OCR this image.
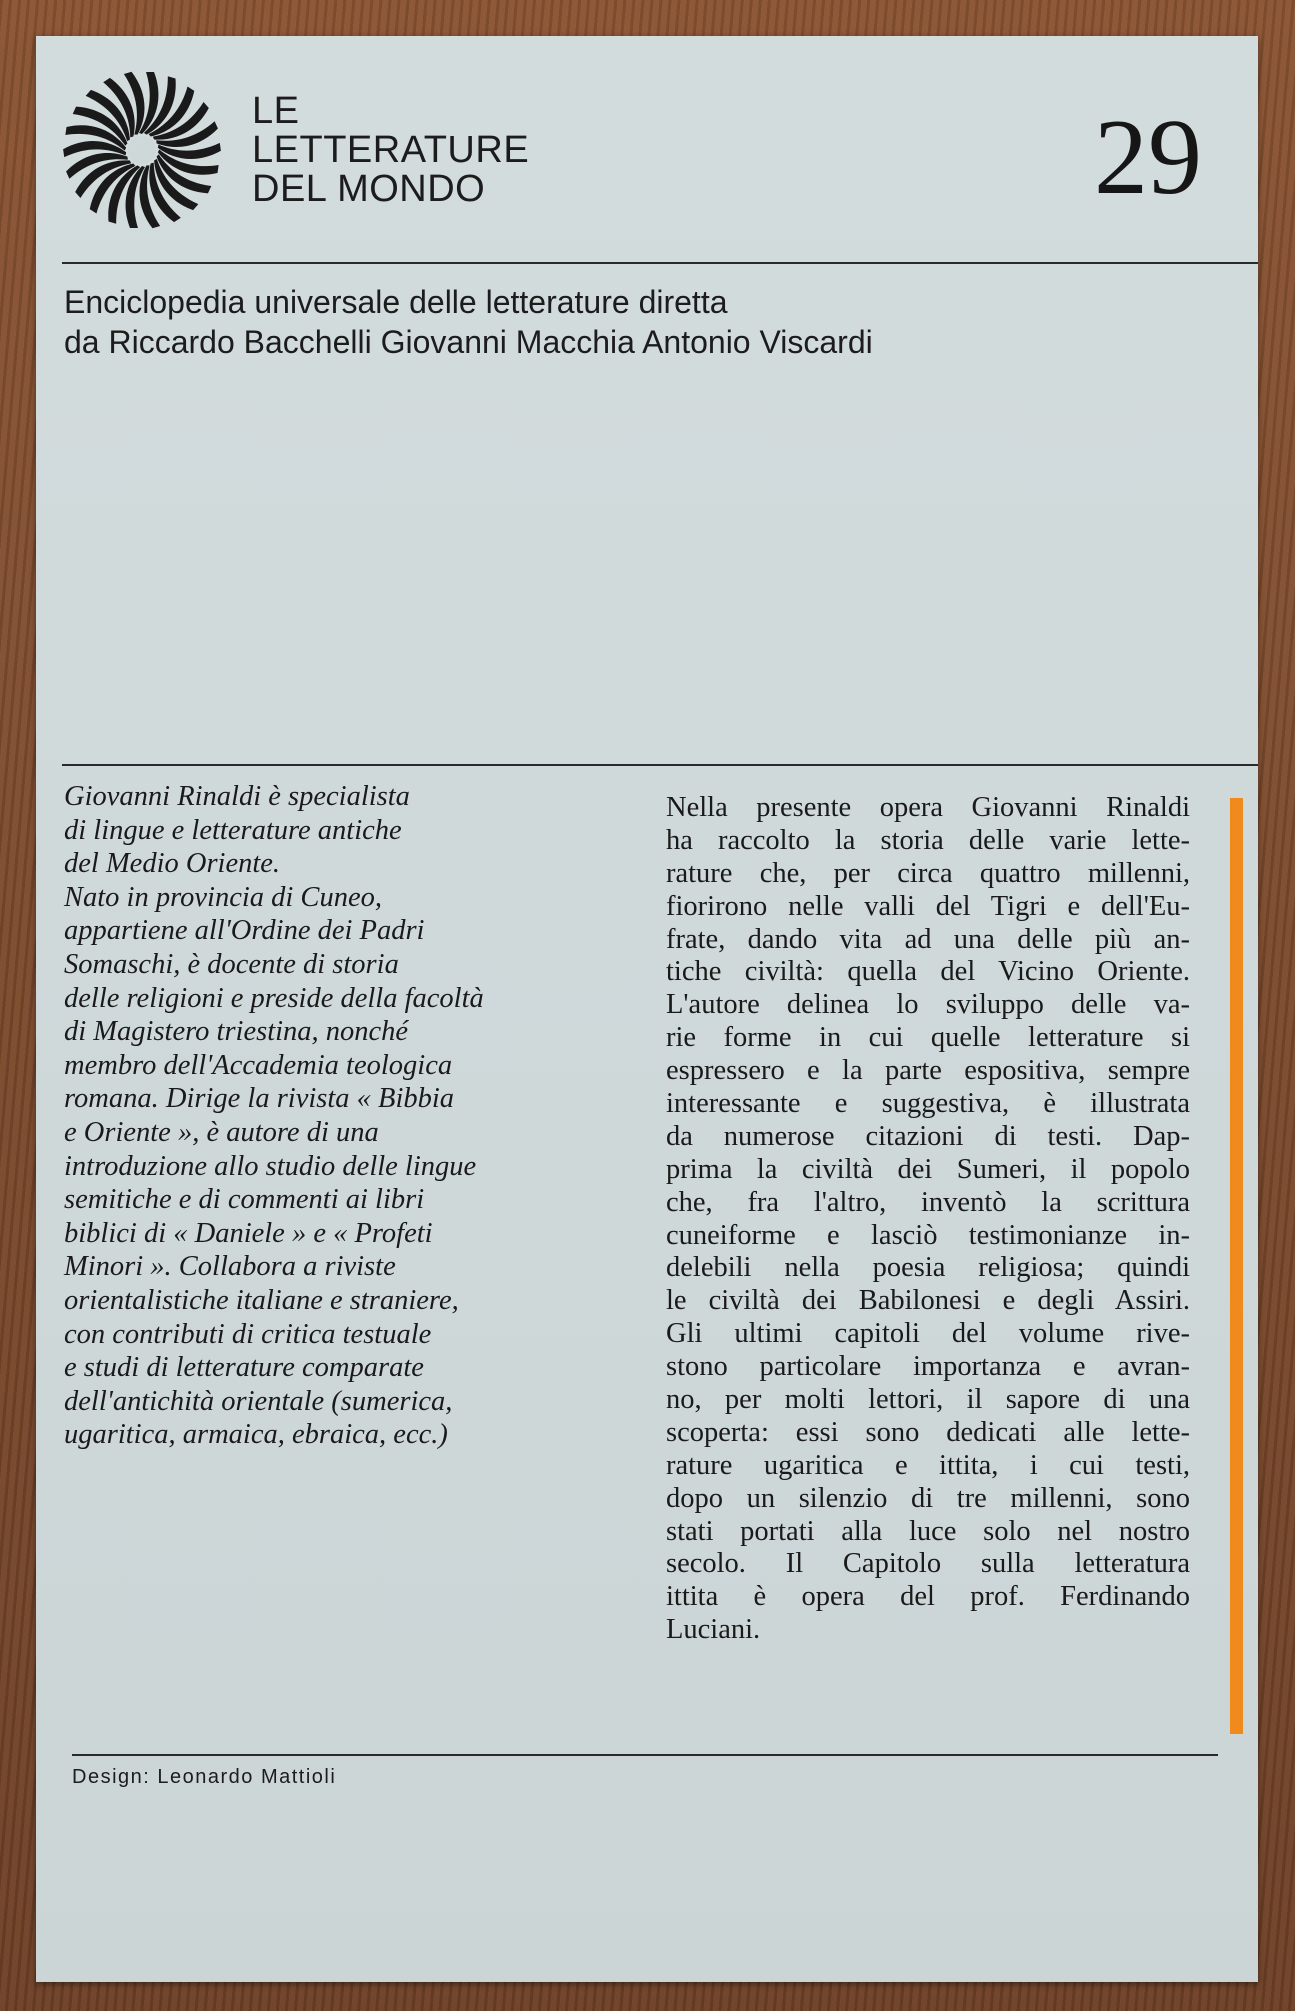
LE
LETTERATURE
DEL MONDO	29
Enciclopedia universale delle letterature diretta
da Riccardo Bacchelli Giovanni Macchia Antonio Viscardi
Giovanni Rinaldi è specialista
di lingue e letterature antiche
del Medio Oriente.
Nato in provincia di Cuneo,
appartiene all'Ordine dei Padri
Somaschi, è docente di storia
delle religioni e preside della facoltà
di Magistero triestina, nonché
membro dell'Accademia teologica
romana. Dirige la rivista « Bibbia
e Oriente », è autore di una
introduzione allo studio delle lingue
semitiche e di commenti ai libri
biblici di « Daniele » e « Profeti
Minori ». Collabora a riviste
orientalistiche italiane e straniere,
con contributi di critica testuale
e studi di letterature comparate
dell'antichità orientale (sumerica,
ugaritica, armaica, ebraica, ecc.)
Nella presente opera Giovanni Rinaldi
ha raccolto la storia delle varie lette-
rature che, per circa quattro millenni,
fiorirono nelle valli del Tigri e dell'Eu-
frate, dando vita ad una delle più an-
tiche civiltà: quella del Vicino Oriente.
L'autore delinea lo sviluppo delle va-
rie forme in cui quelle letterature si
espressero e la parte espositiva, sempre
interessante e suggestiva, è illustrata
da numerose citazioni di testi. Dap-
prima la civiltà dei Sumeri, il popolo
che, fra l'altro, inventò la scrittura
cuneiforme e lasciò testimonianze in-
delebili nella poesia religiosa; quindi
le civiltà dei Babilonesi e degli Assiri.
Gli ultimi capitoli del volume rive-
stono particolare importanza e avran-
no, per molti lettori, il sapore di una
scoperta: essi sono dedicati alle lette-
rature ugaritica e ittita, i cui testi,
dopo un silenzio di tre millenni, sono
stati portati alla luce solo nel nostro
secolo. Il Capitolo sulla letteratura
ittita è opera del prof. Ferdinando
Luciani.
Design: Leonardo Mattioli
